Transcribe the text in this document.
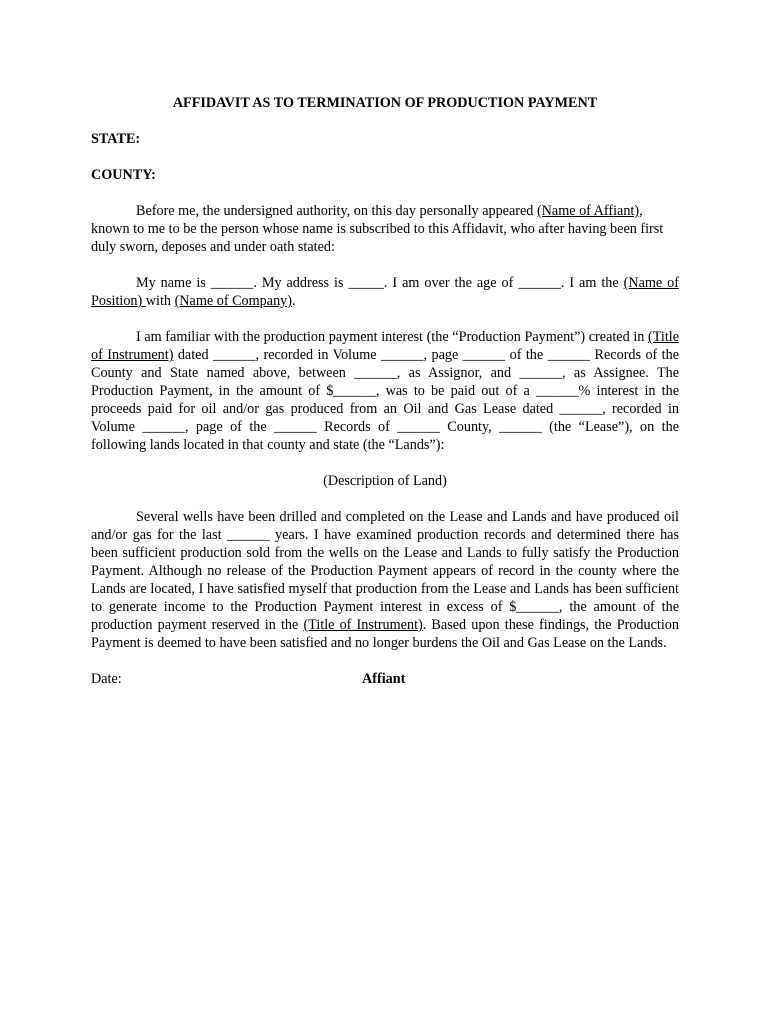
AFFIDAVIT AS TO TERMINATION OF PRODUCTION PAYMENT

STATE:

COUNTY:

Before me, the undersigned authority, on this day personally appeared (Name of Affiant), known to me to be the person whose name is subscribed to this Affidavit, who after having been first duly sworn, deposes and under oath stated:

My name is ______. My address is _____. I am over the age of ______. I am the (Name of Position) with (Name of Company).

I am familiar with the production payment interest (the “Production Payment”) created in (Title of Instrument) dated ______, recorded in Volume ______, page ______ of the ______ Records of the County and State named above, between ______, as Assignor, and ______, as Assignee. The Production Payment, in the amount of $______, was to be paid out of a ______% interest in the proceeds paid for oil and/or gas produced from an Oil and Gas Lease dated ______, recorded in Volume ______, page of the ______ Records of ______ County, ______ (the “Lease”), on the following lands located in that county and state (the “Lands”):

(Description of Land)

Several wells have been drilled and completed on the Lease and Lands and have produced oil and/or gas for the last ______ years. I have examined production records and determined there has been sufficient production sold from the wells on the Lease and Lands to fully satisfy the Production Payment. Although no release of the Production Payment appears of record in the county where the Lands are located, I have satisfied myself that production from the Lease and Lands has been sufficient to generate income to the Production Payment interest in excess of $______, the amount of the production payment reserved in the (Title of Instrument). Based upon these findings, the Production Payment is deemed to have been satisfied and no longer burdens the Oil and Gas Lease on the Lands.

Date:	Affiant
